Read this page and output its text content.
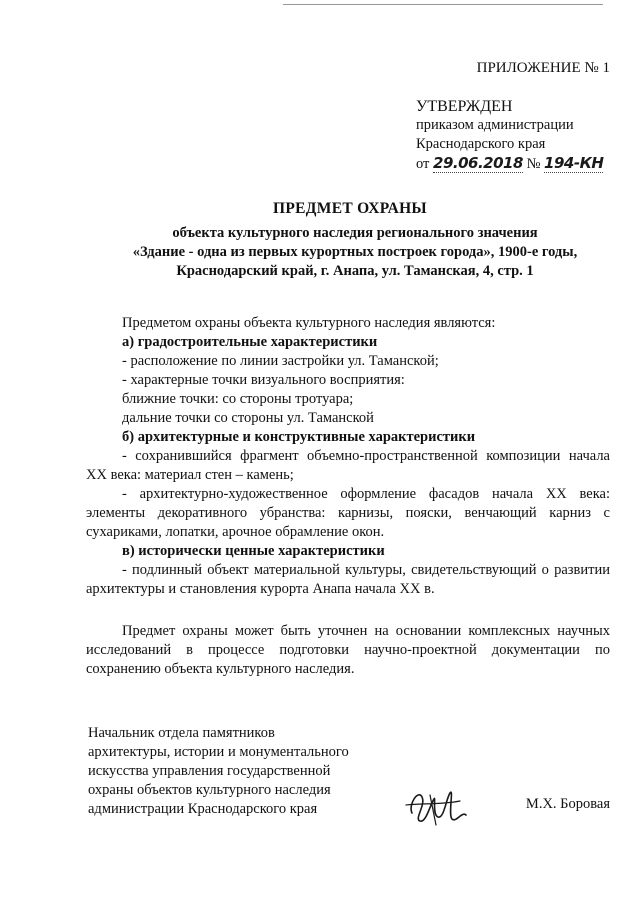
ПРИЛОЖЕНИЕ № 1
УТВЕРЖДЕН
приказом администрации
Краснодарского края
от 29.06.2018 № 194-КН
ПРЕДМЕТ ОХРАНЫ
объекта культурного наследия регионального значения
«Здание - одна из первых курортных построек города», 1900-е годы,
Краснодарский край, г. Анапа, ул. Таманская, 4, стр. 1

Предметом охраны объекта культурного наследия являются:

а) градостроительные характеристики

- расположение по линии застройки ул. Таманской;

- характерные точки визуального восприятия:

ближние точки: со стороны тротуара;

дальние точки со стороны ул. Таманской

б) архитектурные и конструктивные характеристики

- сохранившийся фрагмент объемно-пространственной композиции начала XX века: материал стен – камень;

- архитектурно-художественное оформление фасадов начала XX века: элементы декоративного убранства: карнизы, пояски, венчающий карниз с сухариками, лопатки, арочное обрамление окон.

в) исторически ценные характеристики

- подлинный объект материальной культуры, свидетельствующий о развитии архитектуры и становления курорта Анапа начала XX в.

Предмет охраны может быть уточнен на основании комплексных научных исследований в процессе подготовки научно-проектной документации по сохранению объекта культурного наследия.

Начальник отдела памятников
архитектуры, истории и монументального
искусства управления государственной
охраны объектов культурного наследия
администрации Краснодарского края	М.Х. Боровая
